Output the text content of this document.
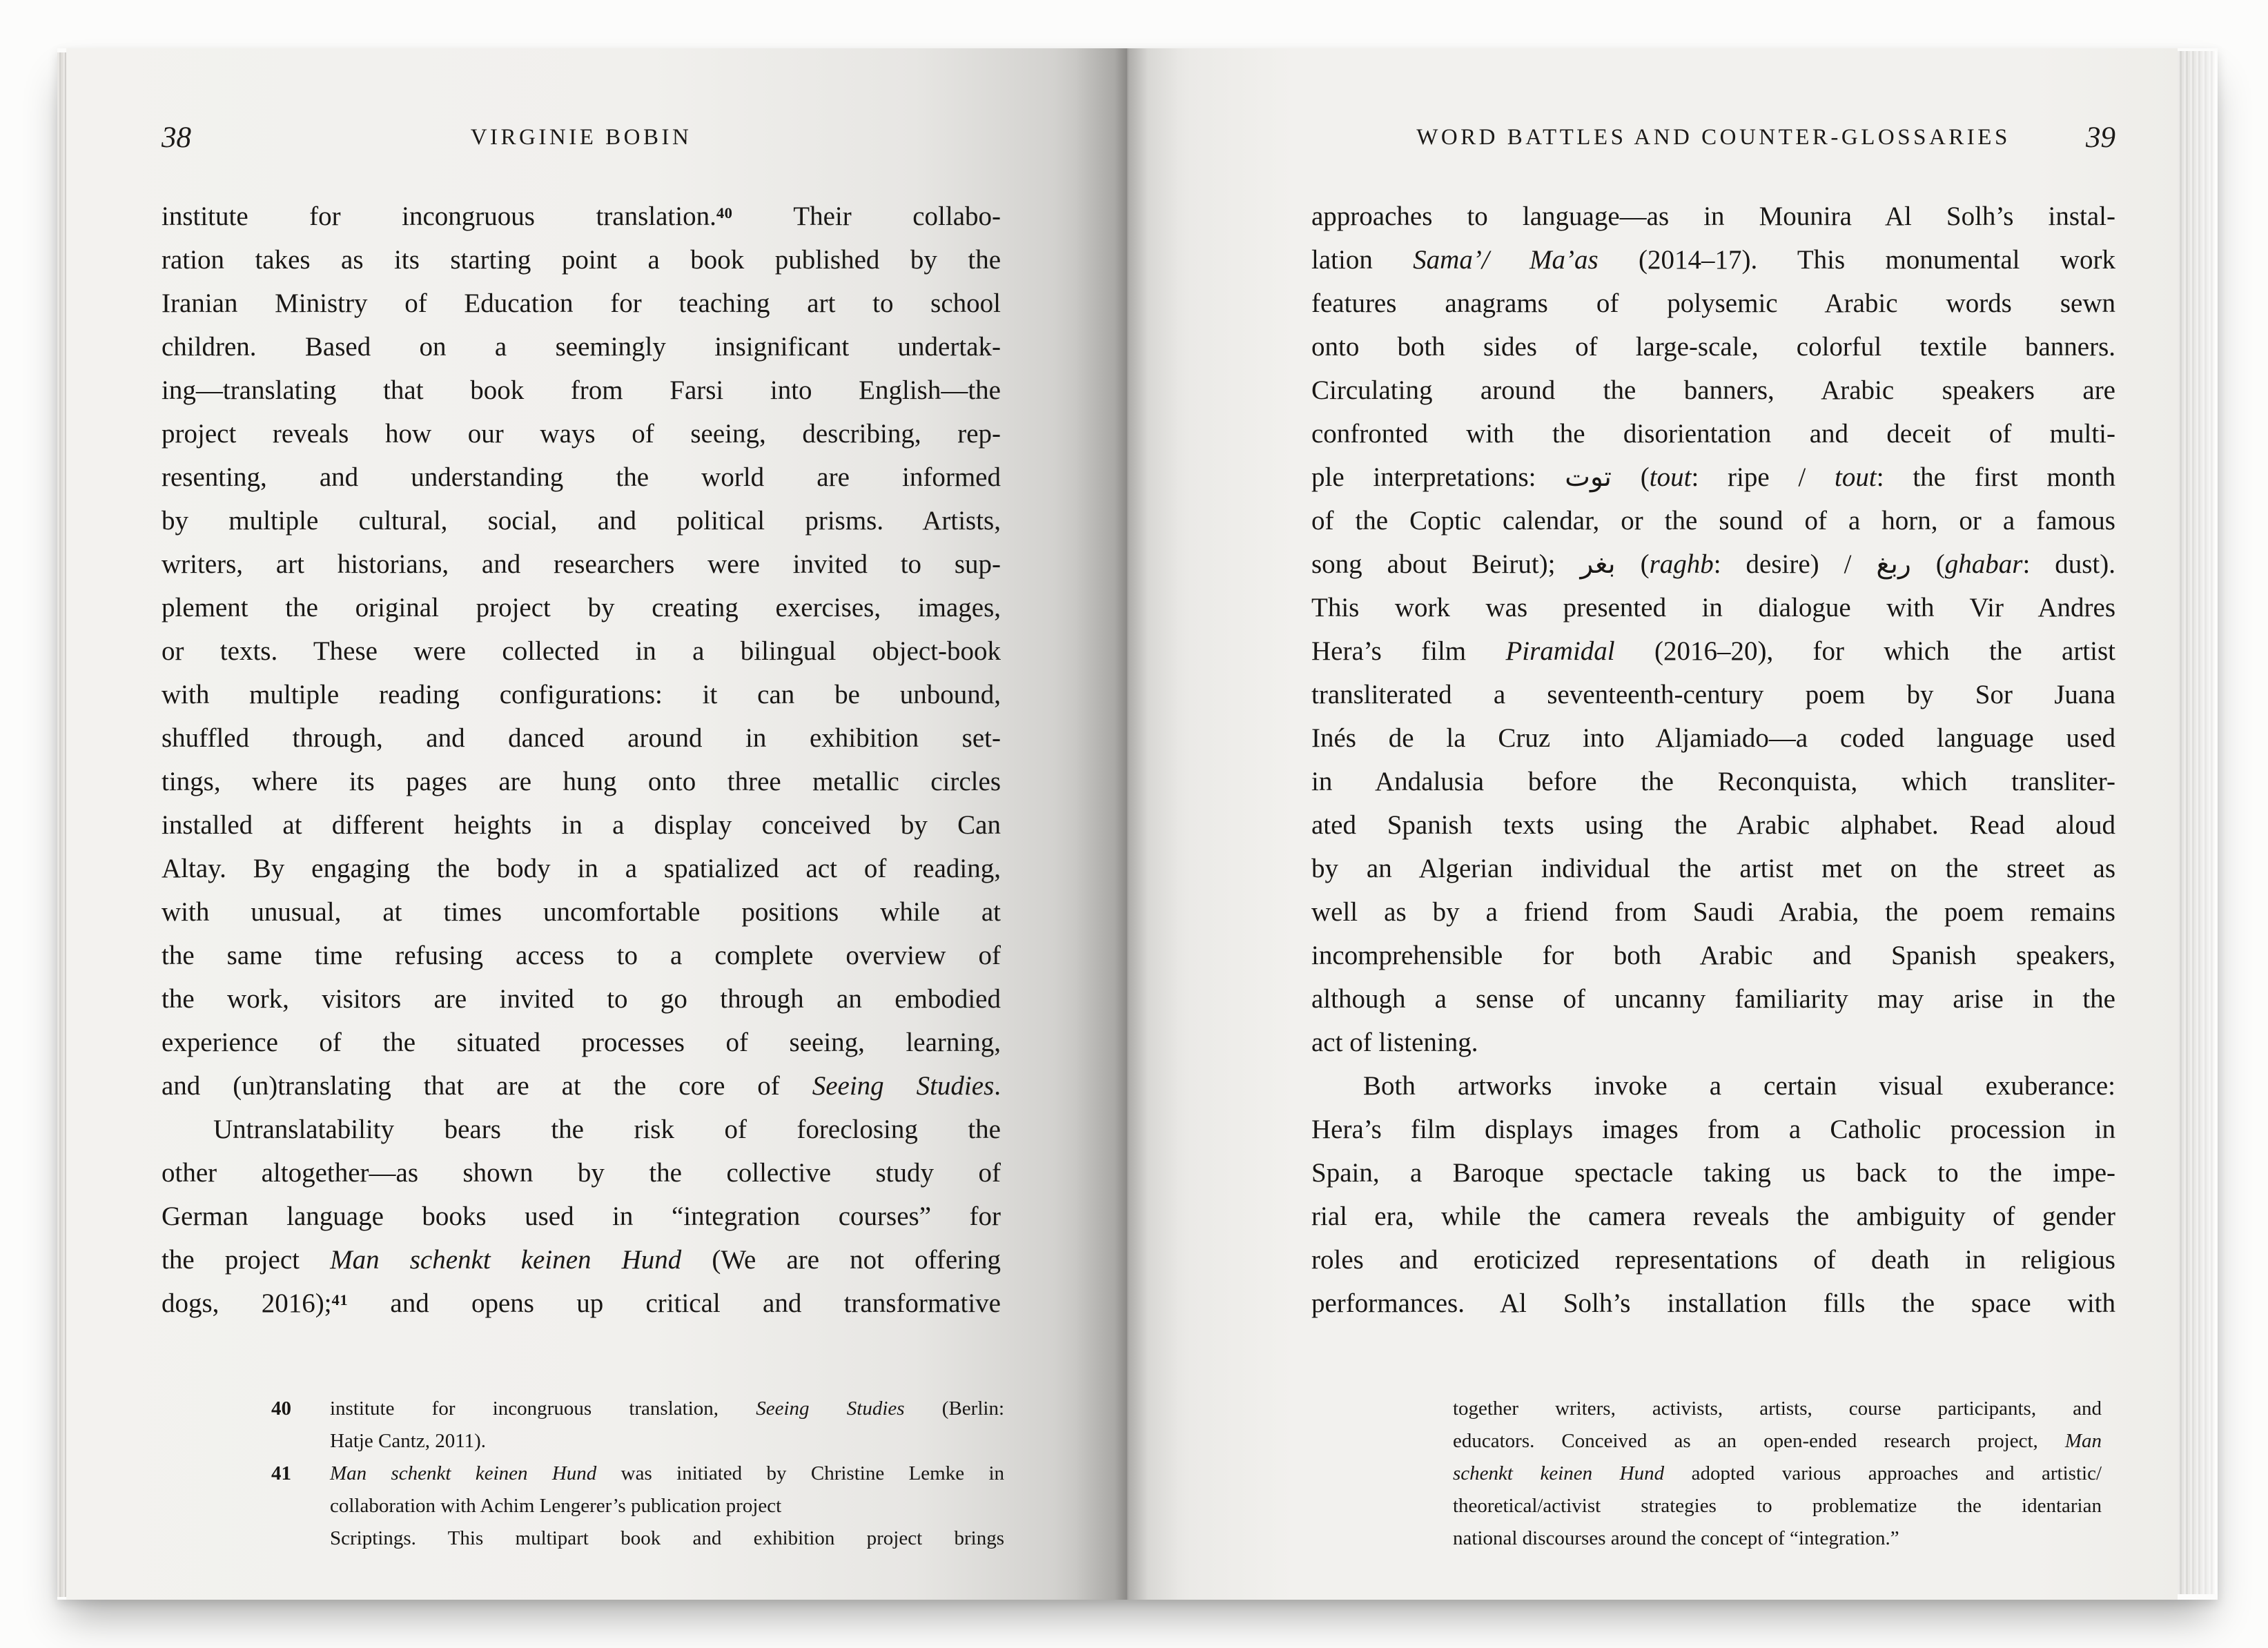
38	VIRGINIE BOBIN
institute for incongruous translation.$^{40}$ Their collabo-
ration takes as its starting point a book published by the
Iranian Ministry of Education for teaching art to school
children. Based on a seemingly insignificant undertak-
ing—translating that book from Farsi into English—the
project reveals how our ways of seeing, describing, rep-
resenting, and understanding the world are informed
by multiple cultural, social, and political prisms. Artists,
writers, art historians, and researchers were invited to sup-
plement the original project by creating exercises, images,
or texts. These were collected in a bilingual object-book
with multiple reading configurations: it can be unbound,
shuffled through, and danced around in exhibition set-
tings, where its pages are hung onto three metallic circles
installed at different heights in a display conceived by Can
Altay. By engaging the body in a spatialized act of reading,
with unusual, at times uncomfortable positions while at
the same time refusing access to a complete overview of
the work, visitors are invited to go through an embodied
experience of the situated processes of seeing, learning,
and (un)translating that are at the core of Seeing Studies.
Untranslatability bears the risk of foreclosing the
other altogether—as shown by the collective study of
German language books used in “integration courses” for
the project Man schenkt keinen Hund (We are not offering
dogs, 2016);$^{41}$ and opens up critical and transformative
40	institute for incongruous translation, Seeing Studies (Berlin:
Hatje Cantz, 2011).
41	Man schenkt keinen Hund was initiated by Christine Lemke in
collaboration with Achim Lengerer’s publication project
Scriptings. This multipart book and exhibition project brings
WORD BATTLES AND COUNTER-GLOSSARIES	39
approaches to language—as in Mounira Al Solh’s instal-
lation Sama’/ Ma’as (2014–17). This monumental work
features anagrams of polysemic Arabic words sewn
onto both sides of large-scale, colorful textile banners.
Circulating around the banners, Arabic speakers are
confronted with the disorientation and deceit of multi-
ple interpretations: توت (tout: ripe / tout: the first month
of the Coptic calendar, or the sound of a horn, or a famous
song about Beirut); بغر (raghb: desire) / ربغ (ghabar: dust).
This work was presented in dialogue with Vir Andres
Hera’s film Piramidal (2016–20), for which the artist
transliterated a seventeenth-century poem by Sor Juana
Inés de la Cruz into Aljamiado—a coded language used
in Andalusia before the Reconquista, which transliter-
ated Spanish texts using the Arabic alphabet. Read aloud
by an Algerian individual the artist met on the street as
well as by a friend from Saudi Arabia, the poem remains
incomprehensible for both Arabic and Spanish speakers,
although a sense of uncanny familiarity may arise in the
act of listening.
Both artworks invoke a certain visual exuberance:
Hera’s film displays images from a Catholic procession in
Spain, a Baroque spectacle taking us back to the impe-
rial era, while the camera reveals the ambiguity of gender
roles and eroticized representations of death in religious
performances. Al Solh’s installation fills the space with
together writers, activists, artists, course participants, and
educators. Conceived as an open-ended research project, Man
schenkt keinen Hund adopted various approaches and artistic/
theoretical/activist strategies to problematize the identarian
national discourses around the concept of “integration.”
